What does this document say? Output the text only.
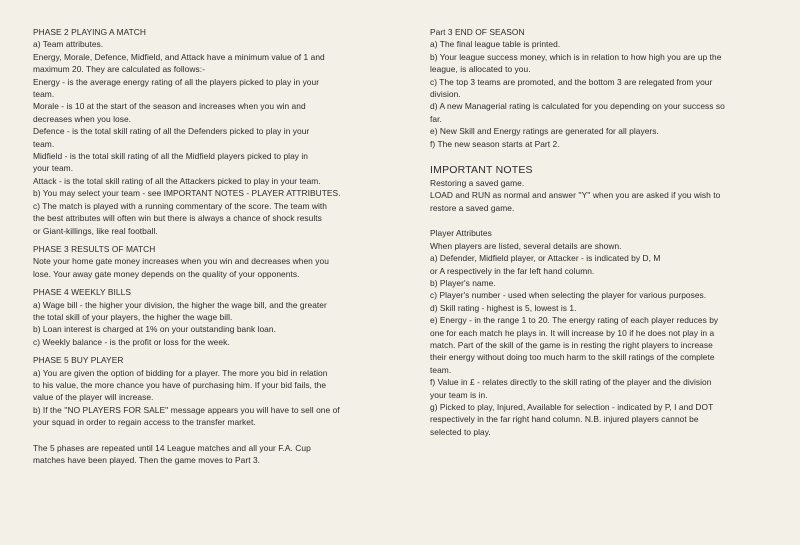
PHASE 2 PLAYING A MATCH

a) Team attributes.

Energy, Morale, Defence, Midfield, and Attack have a minimum value of 1 and

maximum 20. They are calculated as follows:-

Energy - is the average energy rating of all the players picked to play in your

team.

Morale - is 10 at the start of the season and increases when you win and

decreases when you lose.

Defence - is the total skill rating of all the Defenders picked to play in your

team.

Midfield - is the total skill rating of all the Midfield players picked to play in

your team.

Attack - is the total skill rating of all the Attackers picked to play in your team.

b) You may select your team - see IMPORTANT NOTES - PLAYER ATTRIBUTES.

c) The match is played with a running commentary of the score. The team with

the best attributes will often win but there is always a chance of shock results

or Giant-killings, like real football.

PHASE 3 RESULTS OF MATCH

Note your home gate money increases when you win and decreases when you

lose. Your away gate money depends on the quality of your opponents.

PHASE 4 WEEKLY BILLS

a) Wage bill - the higher your division, the higher the wage bill, and the greater

the total skill of your players, the higher the wage bill.

b) Loan interest is charged at 1% on your outstanding bank loan.

c) Weekly balance - is the profit or loss for the week.

PHASE 5 BUY PLAYER

a) You are given the option of bidding for a player. The more you bid in relation

to his value, the more chance you have of purchasing him. If your bid fails, the

value of the player will increase.

b) If the ''NO PLAYERS FOR SALE'' message appears you will have to sell one of

your squad in order to regain access to the transfer market.

The 5 phases are repeated until 14 League matches and all your F.A. Cup

matches have been played. Then the game moves to Part 3.

Part 3 END OF SEASON

a) The final league table is printed.

b) Your league success money, which is in relation to how high you are up the

league, is allocated to you.

c) The top 3 teams are promoted, and the bottom 3 are relegated from your

division.

d) A new Managerial rating is calculated for you depending on your success so

far.

e) New Skill and Energy ratings are generated for all players.

f) The new season starts at Part 2.

IMPORTANT NOTES

Restoring a saved game.

LOAD and RUN as normal and answer ''Y'' when you are asked if you wish to

restore a saved game.

Player Attributes

When players are listed, several details are shown.

a) Defender, Midfield player, or Attacker - is indicated by D, M

or A respectively in the far left hand column.

b) Player's name.

c) Player's number - used when selecting the player for various purposes.

d) Skill rating - highest is 5, lowest is 1.

e) Energy - in the range 1 to 20. The energy rating of each player reduces by

one for each match he plays in. It will increase by 10 if he does not play in a

match. Part of the skill of the game is in resting the right players to increase

their energy without doing too much harm to the skill ratings of the complete

team.

f) Value in £ - relates directly to the skill rating of the player and the division

your team is in.

g) Picked to play, Injured, Available for selection - indicated by P, I and DOT

respectively in the far right hand column. N.B. injured players cannot be

selected to play.
